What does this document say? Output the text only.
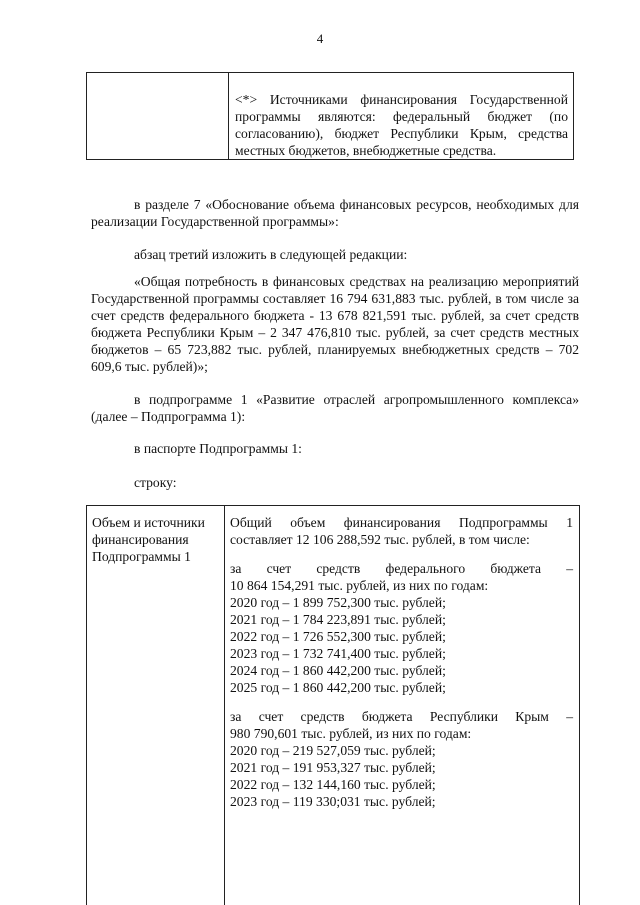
4
<*> Источниками финансирования Государственной программы являются: федеральный бюджет (по согласованию), бюджет Республики Крым, средства местных бюджетов, внебюджетные средства.
в разделе 7 «Обоснование объема финансовых ресурсов, необходимых для реализации Государственной программы»:
абзац третий изложить в следующей редакции:
«Общая потребность в финансовых средствах на реализацию мероприятий Государственной программы составляет 16 794 631,883 тыс. рублей, в том числе за счет средств федерального бюджета - 13 678 821,591 тыс. рублей, за счет средств бюджета Республики Крым – 2 347 476,810 тыс. рублей, за счет средств местных бюджетов – 65 723,882 тыс. рублей, планируемых внебюджетных средств – 702 609,6 тыс. рублей)»;
в подпрограмме 1 «Развитие отраслей агропромышленного комплекса» (далее – Подпрограмма 1):
в паспорте Подпрограммы 1:
строку:
Объем и источники финансирования Подпрограммы 1
Общий объем финансирования Подпрограммы 1 составляет 12 106 288,592 тыс. рублей, в том числе:
за счет средств федерального бюджета –
10 864 154,291 тыс. рублей, из них по годам:
2020 год – 1 899 752,300 тыс. рублей;
2021 год – 1 784 223,891 тыс. рублей;
2022 год – 1 726 552,300 тыс. рублей;
2023 год – 1 732 741,400 тыс. рублей;
2024 год – 1 860 442,200 тыс. рублей;
2025 год – 1 860 442,200 тыс. рублей;
за счет средств бюджета Республики Крым –
980 790,601 тыс. рублей, из них по годам:
2020 год – 219 527,059 тыс. рублей;
2021 год – 191 953,327 тыс. рублей;
2022 год – 132 144,160 тыс. рублей;
2023 год – 119 330;031 тыс. рублей;
